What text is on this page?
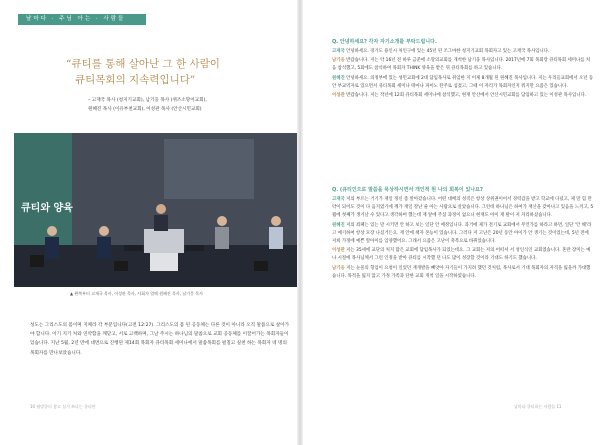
날마다 · 주님 아는 · 사람들
“큐티를 통해 살아난 그 한 사람이
큐티목회의 지속력입니다”
– 고재국 목사 (청지기교회), 남기웅 목사 (퀴즈소망이교회),
원혜진 목사 (이유부천교회), 이성관 목사 (안산시민교회)
큐티와 양육
▲ 왼쪽부터 고재국 목사, 이성관 목사, 사회자 엄에 원혜진 목사, 남기웅 목사
성도는 그리스도의 몸이며 지체라 각 부분입니다(고전 12:27). 그리스도의 몸 된 공동체는 다른 것이 아니라 오직 말씀으로 살아가야 합니다. 이기 지기 처와 연약함을 깨닫고, 서로 고백하며, 그날 주시는 하나님의 말씀으로 교회 공동체를 이끌어가는 목회자들이 있습니다. 지난 5월, 2년 만에 대면으로 진행된 제14회 목회자 큐티목회 세미나에서 말씀목회를 펼칠고 실천 하는 목회자 네 명의 목회자를 만나보았습니다.
10 월말큐티 참고 실거 쓰다는 큐티란
Q. 안녕하세요? 각자 자기소개를 부탁드립니다.
고재국 안녕하세요. 경기도 용인시 처인구에 있는 45년 된 조그마한 청지기교회 목회자고 있는 고재국 목사입니다.
남기웅 반갑습니다. 저는 약 16년 전 하루 금준에 소망의교회를 개척한 남기웅 목사입니다. 2017년에 7회 목회랑 큐티목회 세미나를 처음 참석했고, 5회에도 참석하여 목회자 THINK 양육을 받은 뒤 큐티목회를 하고 있습니다.
원혜진 안녕하세요. 의정부에 있는 성민교회에 2대 담임목사로 취임한 지 이제 8개월 된 원혜진 목사입니다. 저는 우리들교회에서 오년 동안 부교역자로 있으면서 큐티목회 세미나 테마나 파이노 탄주로 섬겼고, 그때 이 자리가 목회자인지 뭐지만 요즘은 있습니다.
이성관 반갑습니다. 저는 작년에 12회 큐티목회 세미나에 참석했고, 현재 안산에서 안산시민교회를 담임하고 있는 이성관 목사입니다.
Q. (큐티인으로 말씀을 묵상하시면서 개인적 원 나의 회복이 있나요?
고재국 저의 부르는 거기가 재일 정신 좀 알아갔습니다. 어떤 대배의 성직은 항상 상위권이어서 경력감을 받고 학교에 다녔고, 제 말 힘 만약이 되어도 것이 다 음지였기에 깨가 재일 잘난 줄 아는 사람으로 살았습니다. 그런데 하나님은 하여가 재산을 갖아나고 있음을 느끼고, 5월에 첫째가 생겨날 수 있다고 생각하여 했는데 재 앞에 주셨 과정이 없으니 현재도 아이 재 탈이 저 자리하셨습니다.
원혜진 저의 죄패는 있는 말 시키면 안 하고 보는 일단 안 예정입니다. 과거에 제가 전기로 교회에서 무언가를 하라고 하면, 일단 '안 해'라고 예기하여 항상 모장 나셨거든요. 재 안에 책자 본능이 있습니다. 그러다 저 고난은 20년 동안 아이가 안 생기는 것이었는데, 5년 전에 저희 가정에 예쁜 딸아이를 입양했어요. 그래서 요즘은 고난이 축복으로 바뀌었습니다.
이성관 저는 35세에 교단의 처지 많은 교회에 담임목사가 되었는데요. 그 교회는 저의 어떠셔 서 성인식인 교회였습니다. 혼란 장미는 예나 시절에 목사님께서 그런 인정을 받아 큐티를 시작했 던 나도 많이 성장할 것이라 기대도 하기도 했습니다.
남기웅 저는 눈물의 형입이 요청이 일었던 재개발을 빼앗아 자기들이 가지려 했던 것처럼, 목사로서 기대 목회자의 자격을 잃을까 가대했습니다. 목적을 잃지 않고 가정 가족과 단한 교회 개척 일을 시작하였습니다.
날마다 큐티하는 사람들 11
